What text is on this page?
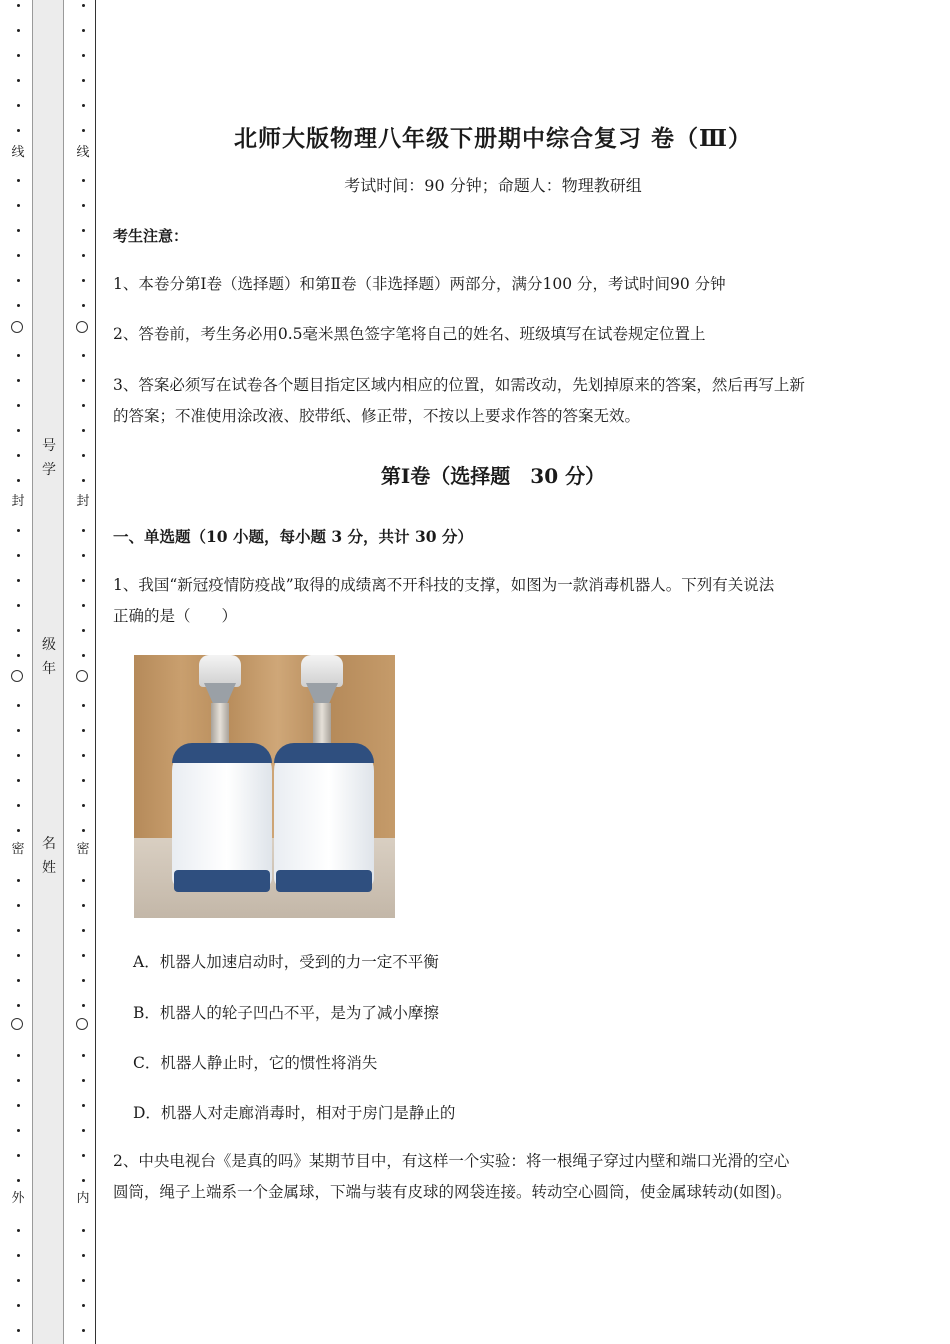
线
封
密
外
号
学
级
年
名
姓
线
封
密
内
北师大版物理八年级下册期中综合复习 卷（Ⅲ）
考试时间：90 分钟；命题人：物理教研组
考生注意：
1、本卷分第Ⅰ卷（选择题）和第Ⅱ卷（非选择题）两部分，满分100 分，考试时间90 分钟
2、答卷前，考生务必用0.5毫米黑色签字笔将自己的姓名、班级填写在试卷规定位置上
3、答案必须写在试卷各个题目指定区域内相应的位置，如需改动，先划掉原来的答案，然后再写上新
的答案；不准使用涂改液、胶带纸、修正带，不按以上要求作答的答案无效。
第Ⅰ卷（选择题　30 分）
一、单选题（10 小题，每小题 3 分，共计 30 分）
1、我国“新冠疫情防疫战”取得的成绩离不开科技的支撑，如图为一款消毒机器人。下列有关说法
正确的是（　　）
A．机器人加速启动时，受到的力一定不平衡
B．机器人的轮子凹凸不平，是为了减小摩擦
C．机器人静止时，它的惯性将消失
D．机器人对走廊消毒时，相对于房门是静止的
2、中央电视台《是真的吗》某期节目中，有这样一个实验：将一根绳子穿过内壁和端口光滑的空心
圆筒，绳子上端系一个金属球，下端与装有皮球的网袋连接。转动空心圆筒，使金属球转动(如图)。
